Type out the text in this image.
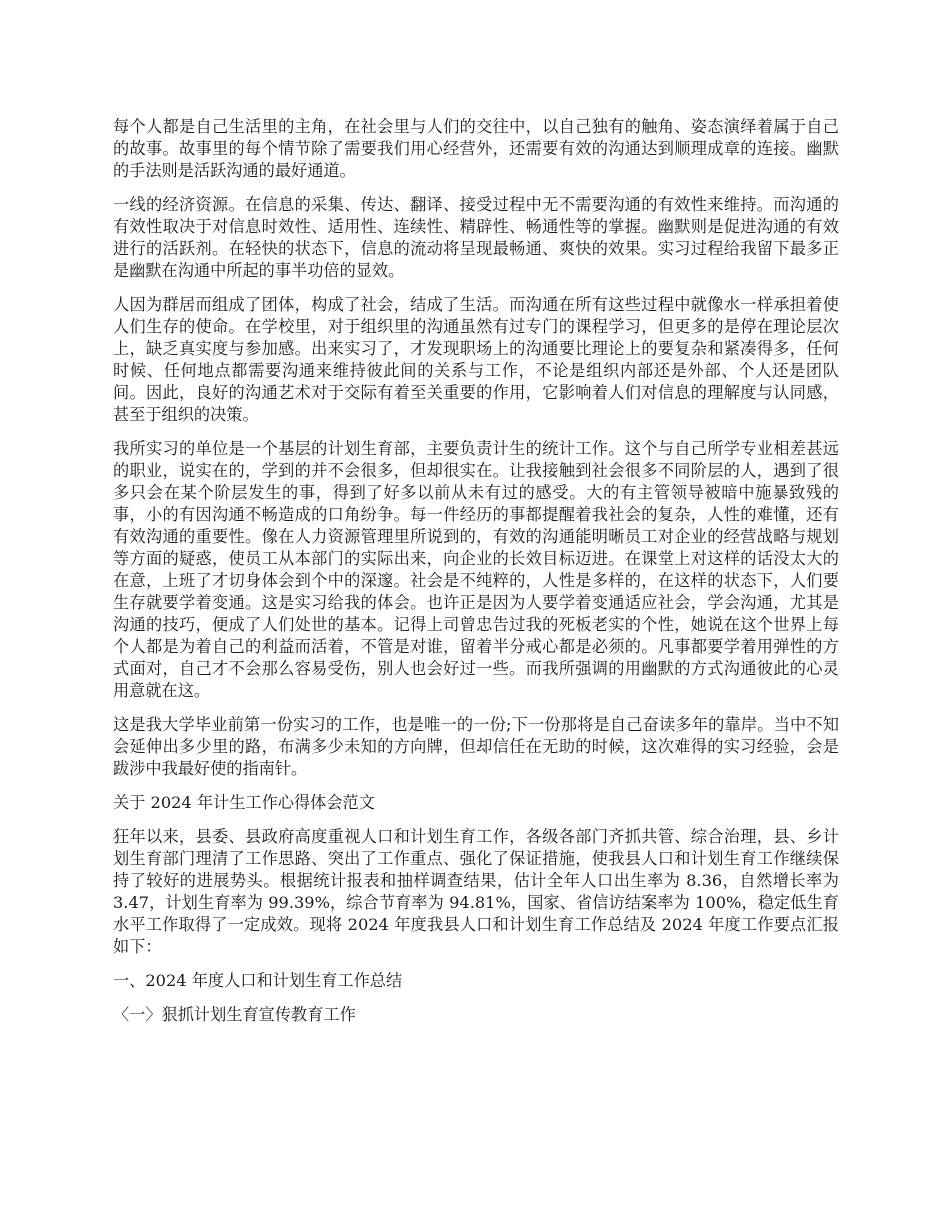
每个人都是自己生活里的主角，在社会里与人们的交往中，以自己独有的触角、姿态演绎着属于自己的故事。故事里的每个情节除了需要我们用心经营外，还需要有效的沟通达到顺理成章的连接。幽默的手法则是活跃沟通的最好通道。

一线的经济资源。在信息的采集、传达、翻译、接受过程中无不需要沟通的有效性来维持。而沟通的有效性取决于对信息时效性、适用性、连续性、精辟性、畅通性等的掌握。幽默则是促进沟通的有效进行的活跃剂。在轻快的状态下，信息的流动将呈现最畅通、爽快的效果。实习过程给我留下最多正是幽默在沟通中所起的事半功倍的显效。

人因为群居而组成了团体，构成了社会，结成了生活。而沟通在所有这些过程中就像水一样承担着使人们生存的使命。在学校里，对于组织里的沟通虽然有过专门的课程学习，但更多的是停在理论层次上，缺乏真实度与参加感。出来实习了，才发现职场上的沟通要比理论上的要复杂和紧凑得多，任何时候、任何地点都需要沟通来维持彼此间的关系与工作，不论是组织内部还是外部、个人还是团队间。因此，良好的沟通艺术对于交际有着至关重要的作用，它影响着人们对信息的理解度与认同感，甚至于组织的决策。

我所实习的单位是一个基层的计划生育部，主要负责计生的统计工作。这个与自己所学专业相差甚远的职业，说实在的，学到的并不会很多，但却很实在。让我接触到社会很多不同阶层的人，遇到了很多只会在某个阶层发生的事，得到了好多以前从未有过的感受。大的有主管领导被暗中施暴致残的事，小的有因沟通不畅造成的口角纷争。每一件经历的事都提醒着我社会的复杂，人性的难懂，还有有效沟通的重要性。像在人力资源管理里所说到的，有效的沟通能明晰员工对企业的经营战略与规划等方面的疑惑，使员工从本部门的实际出来，向企业的长效目标迈进。在课堂上对这样的话没太大的在意，上班了才切身体会到个中的深邃。社会是不纯粹的，人性是多样的，在这样的状态下，人们要生存就要学着变通。这是实习给我的体会。也许正是因为人要学着变通适应社会，学会沟通，尤其是沟通的技巧，便成了人们处世的基本。记得上司曾忠告过我的死板老实的个性，她说在这个世界上每个人都是为着自己的利益而活着，不管是对谁，留着半分戒心都是必须的。凡事都要学着用弹性的方式面对，自己才不会那么容易受伤，别人也会好过一些。而我所强调的用幽默的方式沟通彼此的心灵用意就在这。

这是我大学毕业前第一份实习的工作，也是唯一的一份;下一份那将是自己奋读多年的靠岸。当中不知会延伸出多少里的路，布满多少未知的方向牌，但却信任在无助的时候，这次难得的实习经验，会是跋涉中我最好使的指南针。

关于 2024 年计生工作心得体会范文

狂年以来，县委、县政府高度重视人口和计划生育工作，各级各部门齐抓共管、综合治理，县、乡计划生育部门理清了工作思路、突出了工作重点、强化了保证措施，使我县人口和计划生育工作继续保持了较好的进展势头。根据统计报表和抽样调查结果，估计全年人口出生率为 8.36，自然增长率为 3.47，计划生育率为 99.39%，综合节育率为 94.81%，国家、省信访结案率为 100%，稳定低生育水平工作取得了一定成效。现将 2024 年度我县人口和计划生育工作总结及 2024 年度工作要点汇报如下：

一、2024 年度人口和计划生育工作总结

〈一〉狠抓计划生育宣传教育工作
